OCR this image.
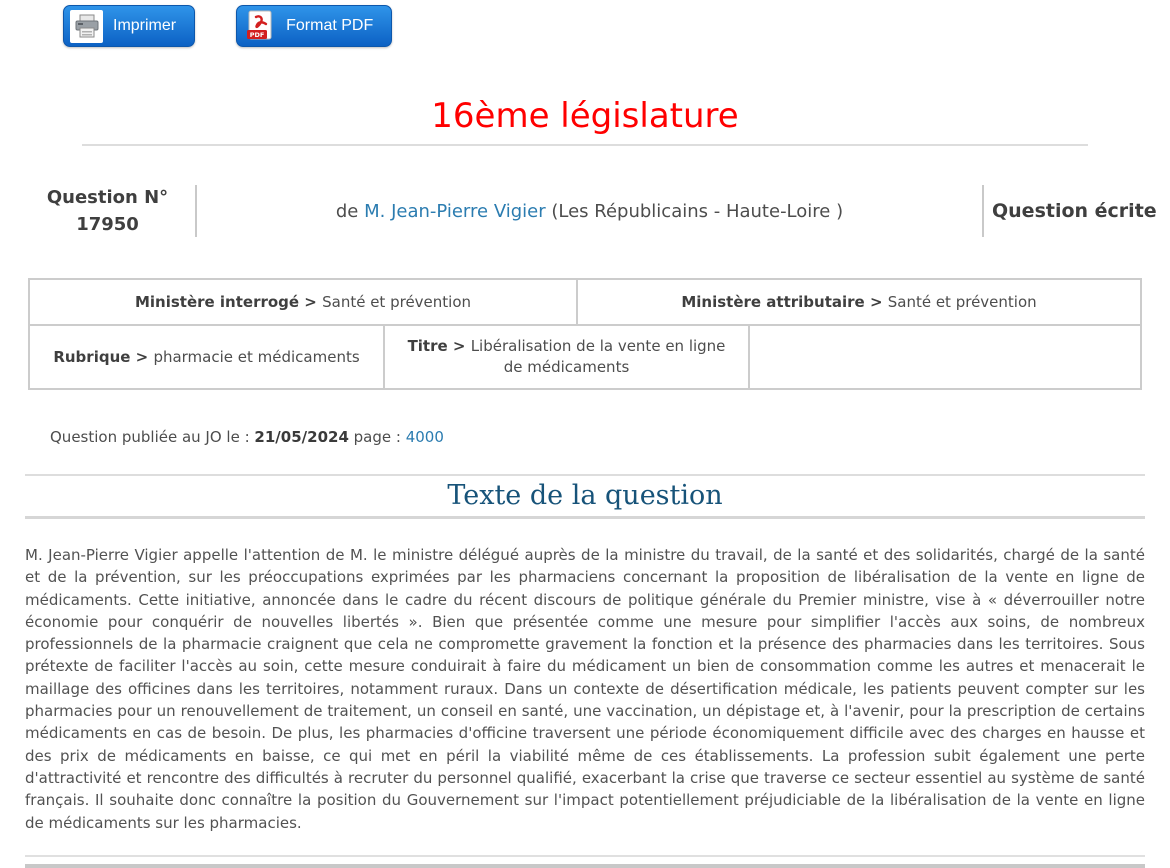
Imprimer
PDF
Format PDF
16ème législature
Question N°
17950
de M. Jean-Pierre Vigier (Les Républicains - Haute-Loire )	Question écrite
Ministère interrogé > Santé et prévention	Ministère attributaire > Santé et prévention
Rubrique > pharmacie et médicaments
Titre > Libéralisation de la vente en ligne de médicaments
Question publiée au JO le : 21/05/2024 page : 4000
Texte de la question

M. Jean-Pierre Vigier appelle l'attention de M. le ministre délégué auprès de la ministre du travail, de la santé et des solidarités, chargé de la santé et de la prévention, sur les préoccupations exprimées par les pharmaciens concernant la proposition de libéralisation de la vente en ligne de médicaments. Cette initiative, annoncée dans le cadre du récent discours de politique générale du Premier ministre, vise à « déverrouiller notre économie pour conquérir de nouvelles libertés ». Bien que présentée comme une mesure pour simplifier l'accès aux soins, de nombreux professionnels de la pharmacie craignent que cela ne compromette gravement la fonction et la présence des pharmacies dans les territoires. Sous prétexte de faciliter l'accès au soin, cette mesure conduirait à faire du médicament un bien de consommation comme les autres et menacerait le maillage des officines dans les territoires, notamment ruraux. Dans un contexte de désertification médicale, les patients peuvent compter sur les pharmacies pour un renouvellement de traitement, un conseil en santé, une vaccination, un dépistage et, à l'avenir, pour la prescription de certains médicaments en cas de besoin. De plus, les pharmacies d'officine traversent une période économiquement difficile avec des charges en hausse et des prix de médicaments en baisse, ce qui met en péril la viabilité même de ces établissements. La profession subit également une perte d'attractivité et rencontre des difficultés à recruter du personnel qualifié, exacerbant la crise que traverse ce secteur essentiel au système de santé français. Il souhaite donc connaître la position du Gouvernement sur l'impact potentiellement préjudiciable de la libéralisation de la vente en ligne de médicaments sur les pharmacies.
